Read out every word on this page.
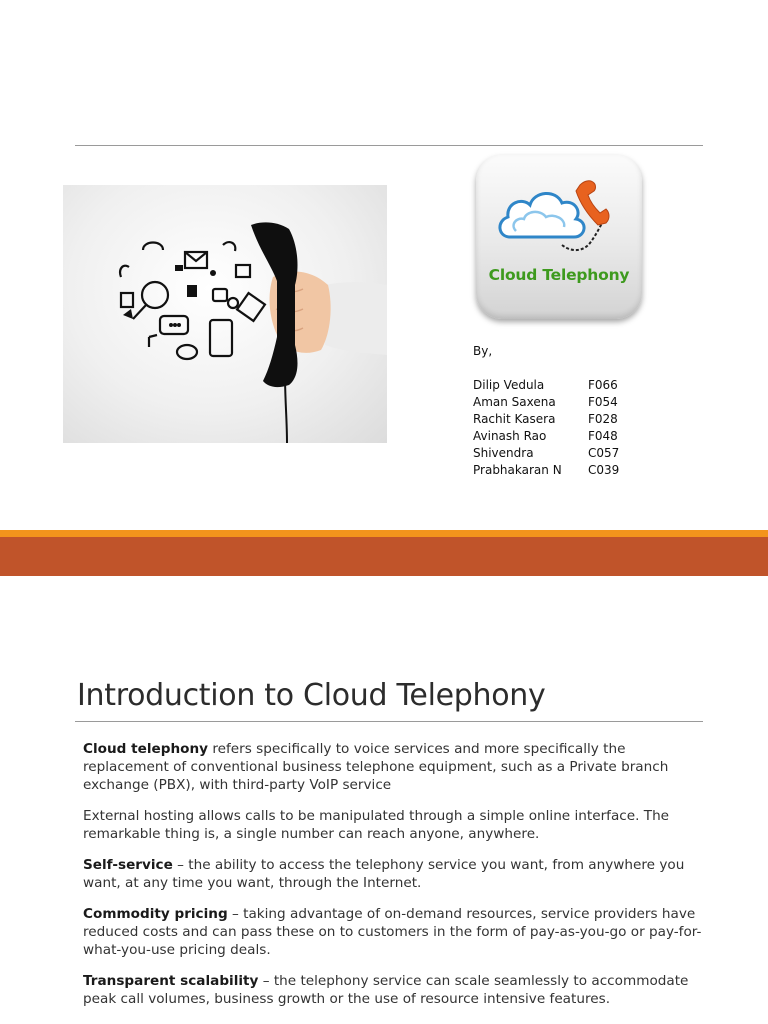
Cloud Telephony
By,
Dilip Vedula	F066
Aman Saxena	F054
Rachit Kasera	F028
Avinash Rao	F048
Shivendra	C057
Prabhakaran N	C039
Introduction to Cloud Telephony

Cloud telephony refers specifically to voice services and more specifically the replacement of conventional business telephone equipment, such as a Private branch exchange (PBX), with third-party VoIP service

External hosting allows calls to be manipulated through a simple online interface. The remarkable thing is, a single number can reach anyone, anywhere.

Self-service – the ability to access the telephony service you want, from anywhere you want, at any time you want, through the Internet.

Commodity pricing – taking advantage of on-demand resources, service providers have reduced costs and can pass these on to customers in the form of pay-as-you-go or pay-for-what-you-use pricing deals.

Transparent scalability – the telephony service can scale seamlessly to accommodate peak call volumes, business growth or the use of resource intensive features.
